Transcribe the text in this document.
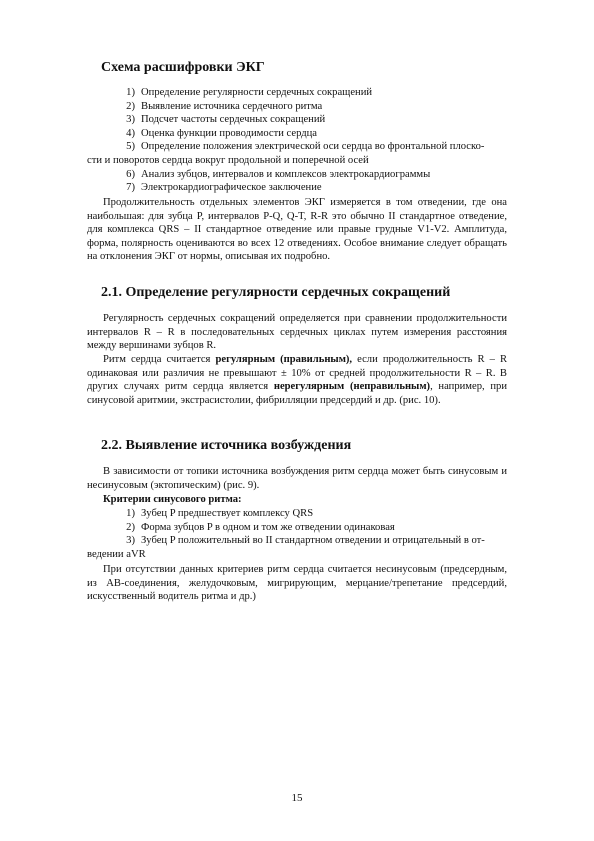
Схема расшифровки ЭКГ
1) Определение регулярности сердечных сокращений
2) Выявление источника сердечного ритма
3) Подсчет частоты сердечных сокращений
4) Оценка функции проводимости сердца
5) Определение положения электрической оси сердца во фронтальной плоско-
сти и поворотов сердца вокруг продольной и поперечной осей
6) Анализ зубцов, интервалов и комплексов электрокардиограммы
7) Электрокардиографическое заключение
Продолжительность отдельных элементов ЭКГ измеряется в том отведении, где она наибольшая: для зубца P, интервалов P-Q, Q-T, R-R это обычно II стандартное отведение, для комплекса QRS – II стандартное отведение или правые грудные V1-V2. Амплитуда, форма, полярность оцениваются во всех 12 отведениях. Особое внимание следует обращать на отклонения ЭКГ от нормы, описывая их подробно.
2.1. Определение регулярности сердечных сокращений
Регулярность сердечных сокращений определяется при сравнении продолжительности интервалов R – R в последовательных сердечных циклах путем измерения расстояния между вершинами зубцов R.
Ритм сердца считается регулярным (правильным), если продолжительность R – R одинаковая или различия не превышают ± 10% от средней продолжительности R – R. В других случаях ритм сердца является нерегулярным (неправильным), например, при синусовой аритмии, экстрасистолии, фибрилляции предсердий и др. (рис. 10).
2.2. Выявление источника возбуждения
В зависимости от топики источника возбуждения ритм сердца может быть синусовым и несинусовым (эктопическим) (рис. 9).
Критерии синусового ритма:
1) Зубец P предшествует комплексу QRS
2) Форма зубцов P в одном и том же отведении одинаковая
3) Зубец P положительный во II стандартном отведении и отрицательный в от-
ведении aVR
При отсутствии данных критериев ритм сердца считается несинусовым (предсердным, из АВ-соединения, желудочковым, мигрирующим, мерцание/трепетание предсердий, искусственный водитель ритма и др.)
15
